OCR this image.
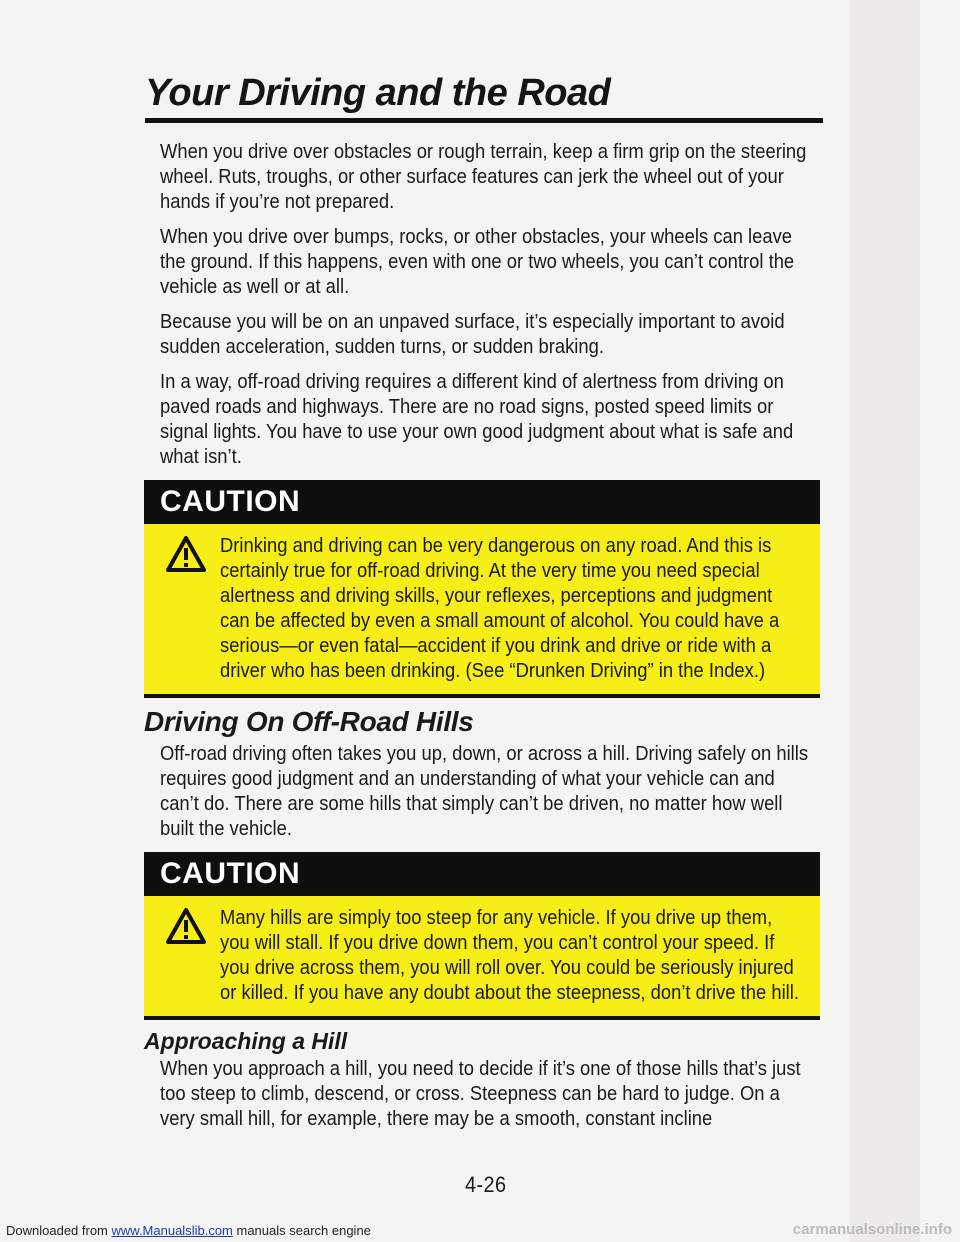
Your Driving and the Road

When you drive over obstacles or rough terrain, keep a firm grip on the steering wheel. Ruts, troughs, or other surface features can jerk the wheel out of your hands if you’re not prepared.

When you drive over bumps, rocks, or other obstacles, your wheels can leave the ground. If this happens, even with one or two wheels, you can’t control the vehicle as well or at all.

Because you will be on an unpaved surface, it’s especially important to avoid sudden acceleration, sudden turns, or sudden braking.

In a way, off-road driving requires a different kind of alertness from driving on paved roads and highways. There are no road signs, posted speed limits or signal lights. You have to use your own good judgment about what is safe and what isn’t.

CAUTION

Drinking and driving can be very dangerous on any road. And this is certainly true for off-road driving. At the very time you need special alertness and driving skills, your reflexes, perceptions and judgment can be affected by even a small amount of alcohol. You could have a serious—or even fatal—accident if you drink and drive or ride with a driver who has been drinking. (See “Drunken Driving” in the Index.)

Driving On Off-Road Hills

Off-road driving often takes you up, down, or across a hill. Driving safely on hills requires good judgment and an understanding of what your vehicle can and can’t do. There are some hills that simply can’t be driven, no matter how well built the vehicle.

CAUTION

Many hills are simply too steep for any vehicle. If you drive up them, you will stall. If you drive down them, you can’t control your speed. If you drive across them, you will roll over. You could be seriously injured or killed. If you have any doubt about the steepness, don’t drive the hill.

Approaching a Hill

When you approach a hill, you need to decide if it’s one of those hills that’s just too steep to climb, descend, or cross. Steepness can be hard to judge. On a very small hill, for example, there may be a smooth, constant incline

4-26
Downloaded from www.Manualslib.com manuals search engine	carmanualsonline.info
